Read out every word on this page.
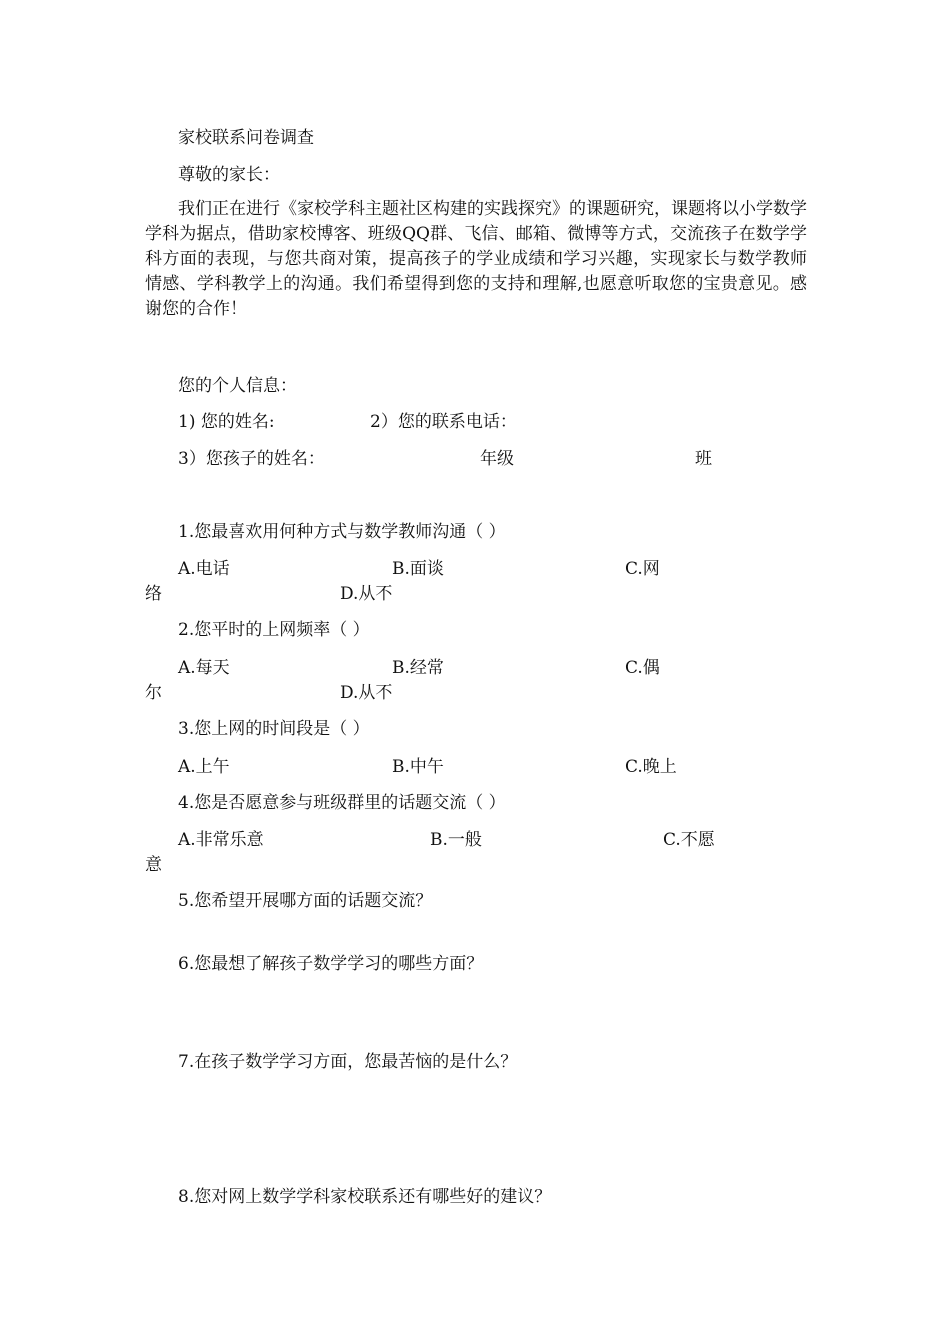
家校联系问卷调查
尊敬的家长：
我们正在进行《家校学科主题社区构建的实践探究》的课题研究，课题将以小学数学学科为据点，借助家校博客、班级QQ群、飞信、邮箱、微博等方式，交流孩子在数学学科方面的表现，与您共商对策，提高孩子的学业成绩和学习兴趣，实现家长与数学教师情感、学科教学上的沟通。我们希望得到您的支持和理解,也愿意听取您的宝贵意见。感谢您的合作！
您的个人信息：
1) 您的姓名:	2）您的联系电话：
3）您孩子的姓名：	年级	班
1.您最喜欢用何种方式与数学教师沟通（ ）
A.电话	B.面谈	C.网
络	D.从不
2.您平时的上网频率（ ）
A.每天	B.经常	C.偶
尔	D.从不
3.您上网的时间段是（ ）
A.上午	B.中午	C.晚上
4.您是否愿意参与班级群里的话题交流（ ）
A.非常乐意	B.一般	C.不愿
意
5.您希望开展哪方面的话题交流？
6.您最想了解孩子数学学习的哪些方面？
7.在孩子数学学习方面，您最苦恼的是什么？
8.您对网上数学学科家校联系还有哪些好的建议？
